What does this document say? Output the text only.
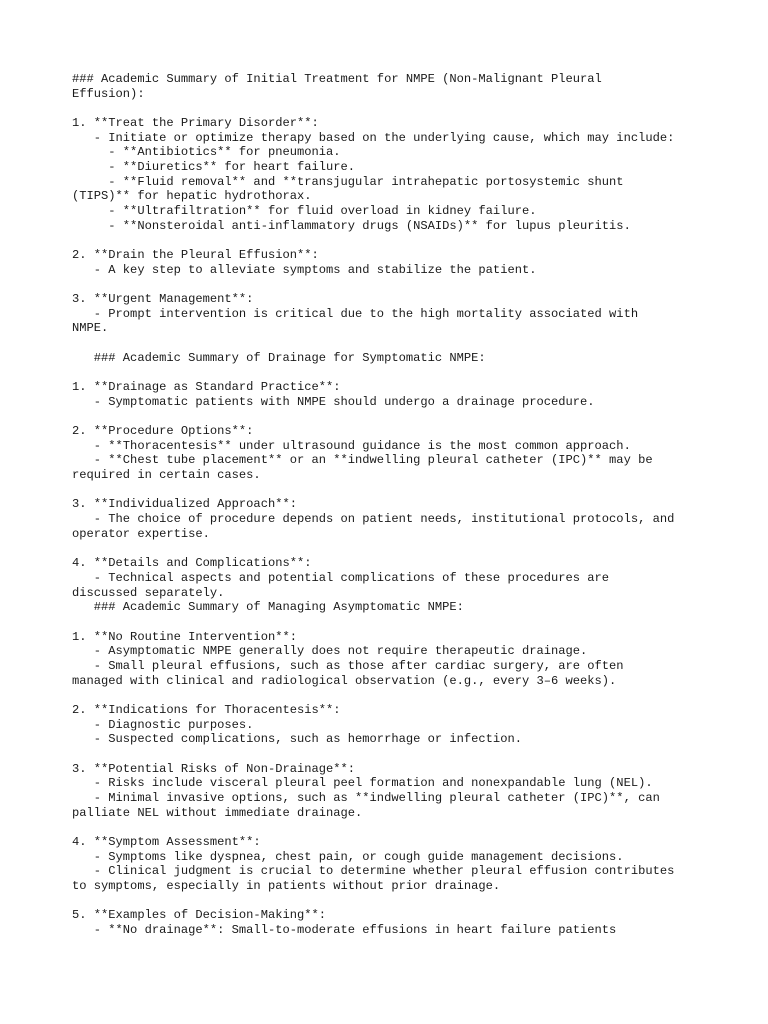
### Academic Summary of Initial Treatment for NMPE (Non-Malignant Pleural
Effusion):

1. **Treat the Primary Disorder**:
- Initiate or optimize therapy based on the underlying cause, which may include:
- **Antibiotics** for pneumonia.
- **Diuretics** for heart failure.
- **Fluid removal** and **transjugular intrahepatic portosystemic shunt
(TIPS)** for hepatic hydrothorax.
- **Ultrafiltration** for fluid overload in kidney failure.
- **Nonsteroidal anti-inflammatory drugs (NSAIDs)** for lupus pleuritis.

2. **Drain the Pleural Effusion**:
- A key step to alleviate symptoms and stabilize the patient.

3. **Urgent Management**:
- Prompt intervention is critical due to the high mortality associated with
NMPE.

### Academic Summary of Drainage for Symptomatic NMPE:

1. **Drainage as Standard Practice**:
- Symptomatic patients with NMPE should undergo a drainage procedure.

2. **Procedure Options**:
- **Thoracentesis** under ultrasound guidance is the most common approach.
- **Chest tube placement** or an **indwelling pleural catheter (IPC)** may be
required in certain cases.

3. **Individualized Approach**:
- The choice of procedure depends on patient needs, institutional protocols, and
operator expertise.

4. **Details and Complications**:
- Technical aspects and potential complications of these procedures are
discussed separately.
### Academic Summary of Managing Asymptomatic NMPE:

1. **No Routine Intervention**:
- Asymptomatic NMPE generally does not require therapeutic drainage.
- Small pleural effusions, such as those after cardiac surgery, are often
managed with clinical and radiological observation (e.g., every 3–6 weeks).

2. **Indications for Thoracentesis**:
- Diagnostic purposes.
- Suspected complications, such as hemorrhage or infection.

3. **Potential Risks of Non-Drainage**:
- Risks include visceral pleural peel formation and nonexpandable lung (NEL).
- Minimal invasive options, such as **indwelling pleural catheter (IPC)**, can
palliate NEL without immediate drainage.

4. **Symptom Assessment**:
- Symptoms like dyspnea, chest pain, or cough guide management decisions.
- Clinical judgment is crucial to determine whether pleural effusion contributes
to symptoms, especially in patients without prior drainage.

5. **Examples of Decision-Making**:
- **No drainage**: Small-to-moderate effusions in heart failure patients
